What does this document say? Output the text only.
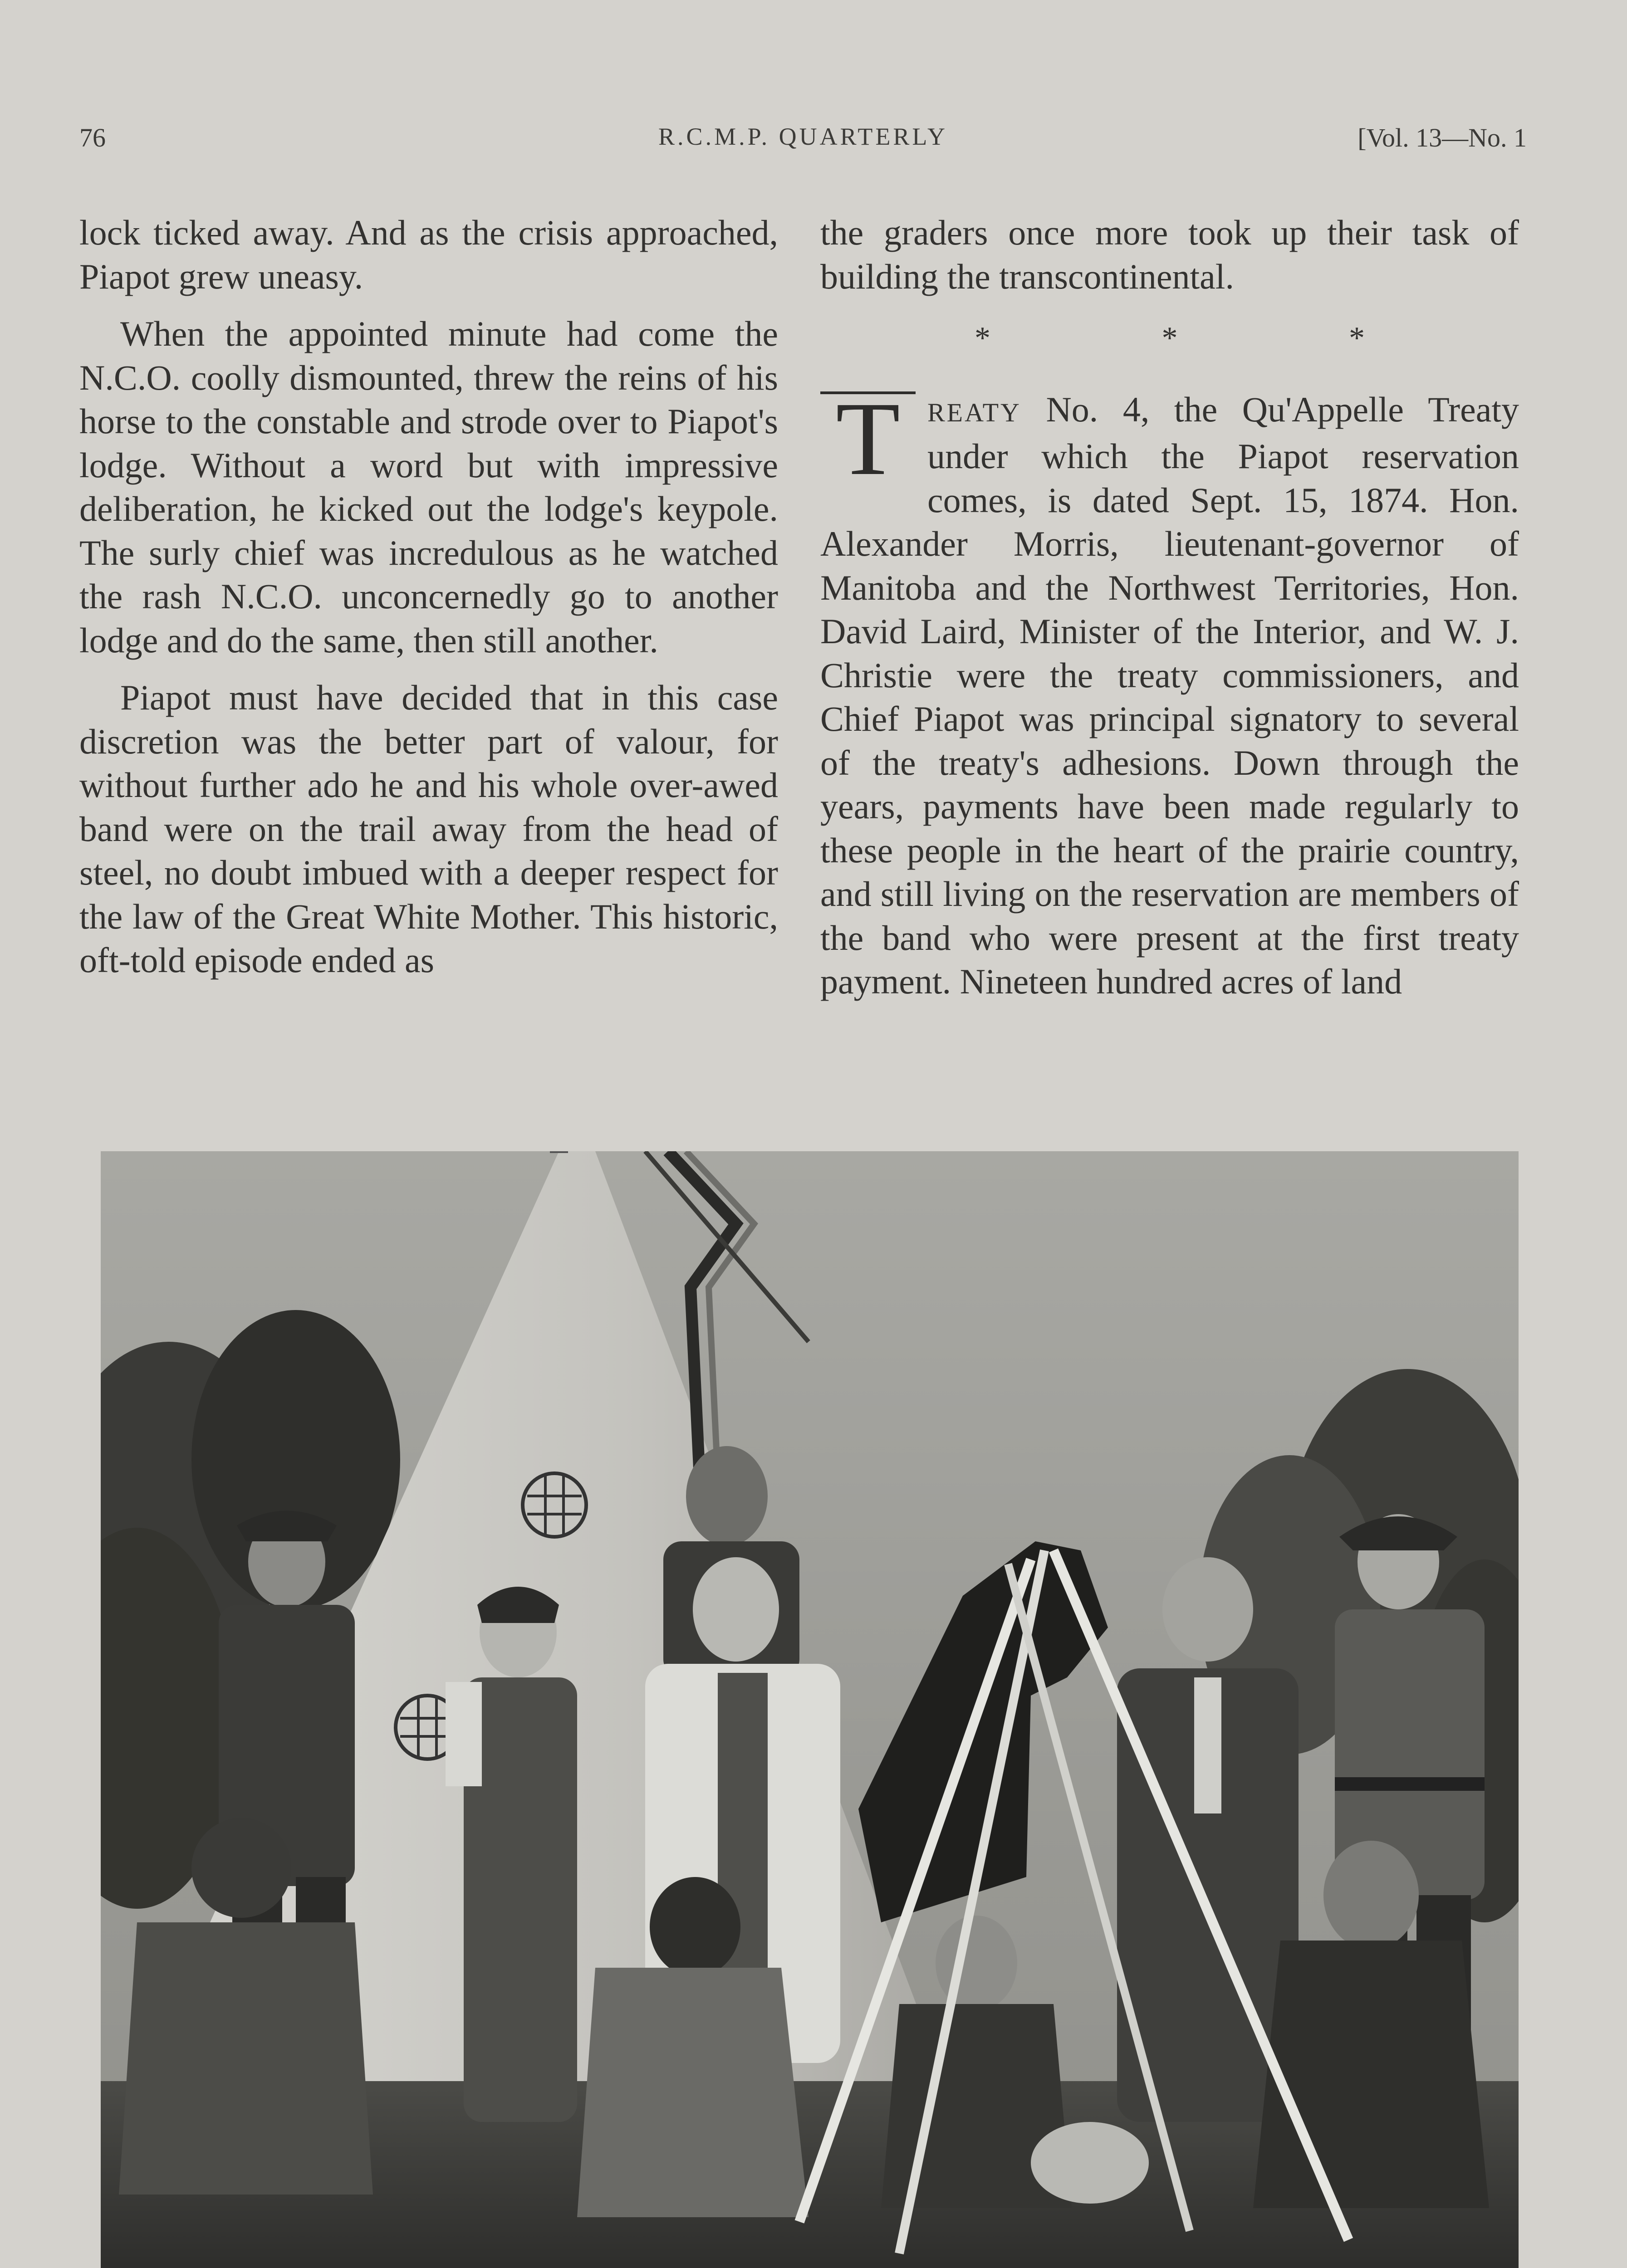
76	R.C.M.P. QUARTERLY	[Vol. 13—No. 1

lock ticked away. And as the crisis approached, Piapot grew uneasy.

When the appointed minute had come the N.C.O. coolly dismounted, threw the reins of his horse to the constable and strode over to Piapot's lodge. Without a word but with impressive deliberation, he kicked out the lodge's keypole. The surly chief was incredulous as he watched the rash N.C.O. unconcernedly go to another lodge and do the same, then still another.

Piapot must have decided that in this case discretion was the better part of valour, for without further ado he and his whole over-awed band were on the trail away from the head of steel, no doubt imbued with a deeper respect for the law of the Great White Mother. This historic, oft-told episode ended as

the graders once more took up their task of building the transcontinental.

* * *

T	REATY No. 4, the Qu'Appelle Treaty under which the Piapot reservation comes, is dated Sept. 15, 1874. Hon. Alexander Morris, lieutenant-governor of Manitoba and the Northwest Territories, Hon. David Laird, Minister of the Interior, and W. J. Christie were the treaty commissioners, and Chief Piapot was principal signatory to several of the treaty's adhesions. Down through the years, payments have been made regularly to these people in the heart of the prairie country, and still living on the reservation are members of the band who were present at the first treaty payment. Nineteen hundred acres of land
